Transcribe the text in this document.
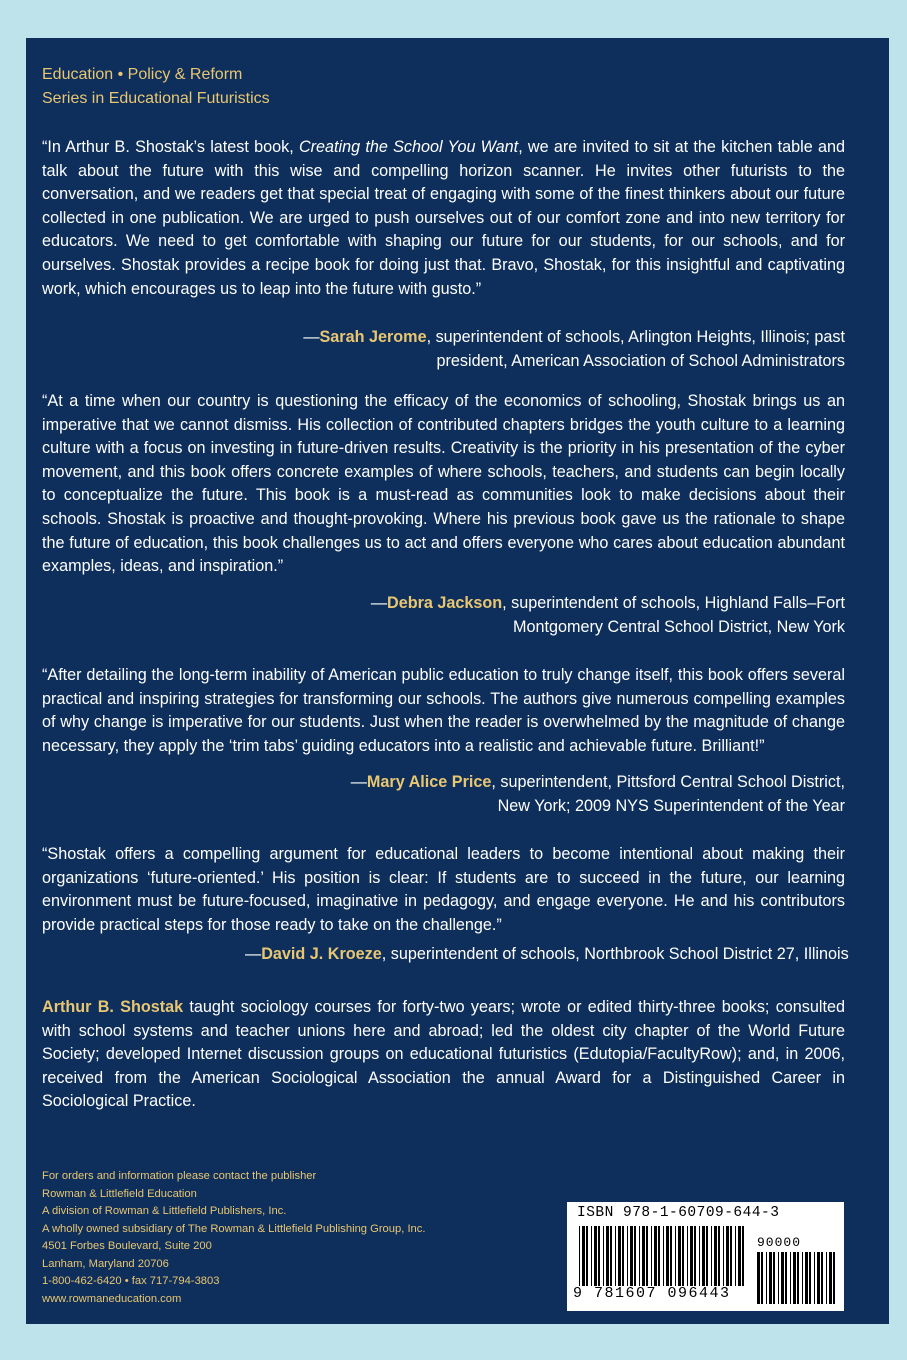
Education • Policy & Reform
Series in Educational Futuristics
“In Arthur B. Shostak’s latest book, Creating the School You Want, we are invited to sit at the kitchen table and talk about the future with this wise and compelling horizon scanner. He invites other futurists to the conversation, and we readers get that special treat of engaging with some of the finest thinkers about our future collected in one publication. We are urged to push ourselves out of our comfort zone and into new territory for educators. We need to get comfortable with shaping our future for our students, for our schools, and for ourselves. Shostak provides a recipe book for doing just that. Bravo, Shostak, for this insightful and captivating work, which encourages us to leap into the future with gusto.”
—Sarah Jerome, superintendent of schools, Arlington Heights, Illinois; past
president, American Association of School Administrators
“At a time when our country is questioning the efficacy of the economics of schooling, Shostak brings us an imperative that we cannot dismiss. His collection of contributed chapters bridges the youth culture to a learning culture with a focus on investing in future-driven results. Creativity is the priority in his presentation of the cyber movement, and this book offers concrete examples of where schools, teachers, and students can begin locally to conceptualize the future. This book is a must-read as communities look to make decisions about their schools. Shostak is proactive and thought-provoking. Where his previous book gave us the rationale to shape the future of education, this book challenges us to act and offers everyone who cares about education abundant examples, ideas, and inspiration.”
—Debra Jackson, superintendent of schools, Highland Falls–Fort
Montgomery Central School District, New York
“After detailing the long-term inability of American public education to truly change itself, this book offers several practical and inspiring strategies for transforming our schools. The authors give numerous compelling examples of why change is imperative for our students. Just when the reader is overwhelmed by the magnitude of change necessary, they apply the ‘trim tabs’ guiding educators into a realistic and achievable future. Brilliant!”
—Mary Alice Price, superintendent, Pittsford Central School District,
New York; 2009 NYS Superintendent of the Year
“Shostak offers a compelling argument for educational leaders to become intentional about making their organizations ‘future-oriented.’ His position is clear: If students are to succeed in the future, our learning environment must be future-focused, imaginative in pedagogy, and engage everyone. He and his contributors provide practical steps for those ready to take on the challenge.”
—David J. Kroeze, superintendent of schools, Northbrook School District 27, Illinois
Arthur B. Shostak taught sociology courses for forty-two years; wrote or edited thirty-three books; consulted with school systems and teacher unions here and abroad; led the oldest city chapter of the World Future Society; developed Internet discussion groups on educational futuristics (Edutopia/FacultyRow); and, in 2006, received from the American Sociological Association the annual Award for a Distinguished Career in Sociological Practice.
For orders and information please contact the publisher
Rowman & Littlefield Education
A division of Rowman & Littlefield Publishers, Inc.
A wholly owned subsidiary of The Rowman & Littlefield Publishing Group, Inc.
4501 Forbes Boulevard, Suite 200
Lanham, Maryland 20706
1-800-462-6420 • fax 717-794-3803
www.rowmaneducation.com
ISBN 978-1-60709-644-3
90000
9 781607 096443
